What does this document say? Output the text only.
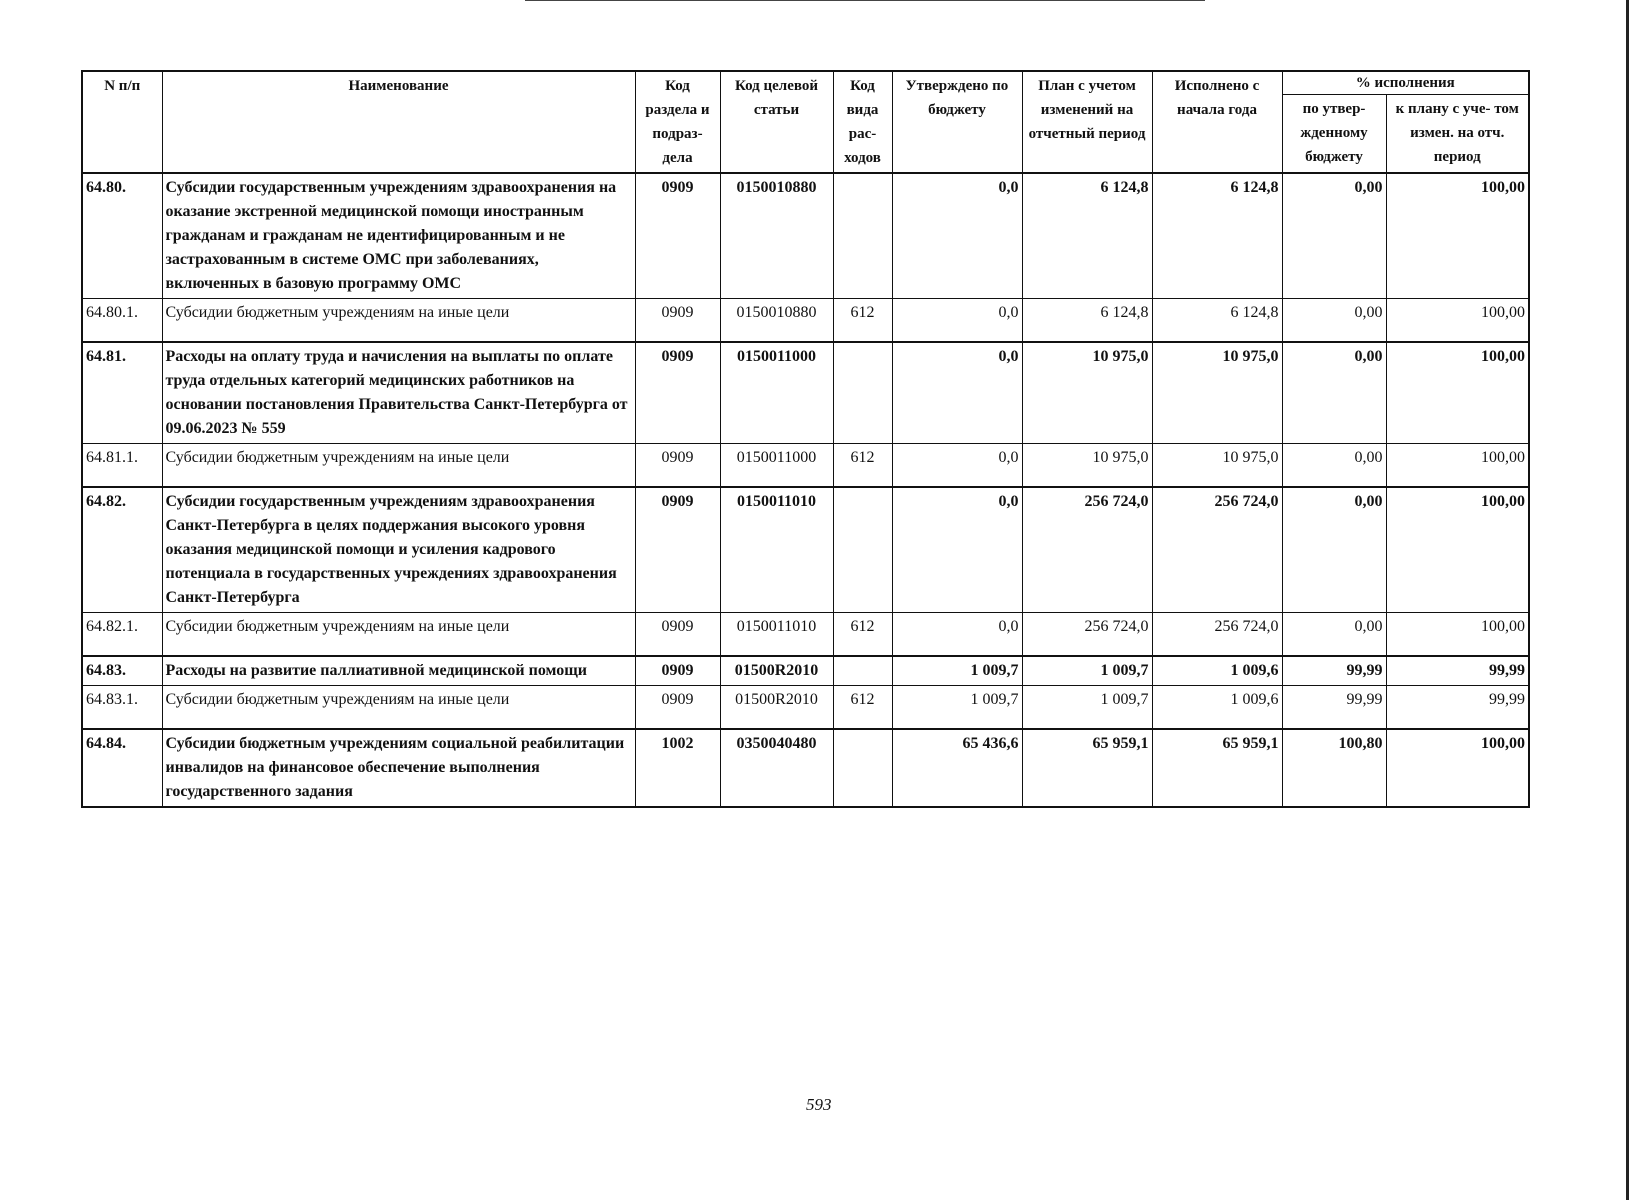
N п/п	Наименование	Код раздела и подраз- дела	Код целевой статьи	Код вида рас- ходов	Утверждено по бюджету	План с учетом изменений на отчетный период	Исполнено с начала года	% исполнения	
								по утвер- жденному бюджету	к плану с уче- том измен. на отч. период
64.80.	Субсидии государственным учреждениям здравоохранения на оказание экстренной медицинской помощи иностранным гражданам и гражданам не идентифицированным и не застрахованным в системе ОМС при заболеваниях, включенных в базовую программу ОМС	0909	0150010880		0,0	6 124,8	6 124,8	0,00	100,00
64.80.1.	Субсидии бюджетным учреждениям на иные цели	0909	0150010880	612	0,0	6 124,8	6 124,8	0,00	100,00
64.81.	Расходы на оплату труда и начисления на выплаты по оплате труда отдельных категорий медицинских работников на основании постановления Правительства Санкт-Петербурга от 09.06.2023 № 559	0909	0150011000		0,0	10 975,0	10 975,0	0,00	100,00
64.81.1.	Субсидии бюджетным учреждениям на иные цели	0909	0150011000	612	0,0	10 975,0	10 975,0	0,00	100,00
64.82.	Субсидии государственным учреждениям здравоохранения Санкт-Петербурга в целях поддержания высокого уровня оказания медицинской помощи и усиления кадрового потенциала в государственных учреждениях здравоохранения Санкт-Петербурга	0909	0150011010		0,0	256 724,0	256 724,0	0,00	100,00
64.82.1.	Субсидии бюджетным учреждениям на иные цели	0909	0150011010	612	0,0	256 724,0	256 724,0	0,00	100,00
64.83.	Расходы на развитие паллиативной медицинской помощи	0909	01500R2010		1 009,7	1 009,7	1 009,6	99,99	99,99
64.83.1.	Субсидии бюджетным учреждениям на иные цели	0909	01500R2010	612	1 009,7	1 009,7	1 009,6	99,99	99,99
64.84.	Субсидии бюджетным учреждениям социальной реабилитации инвалидов на финансовое обеспечение выполнения государственного задания	1002	0350040480		65 436,6	65 959,1	65 959,1	100,80	100,00
593
